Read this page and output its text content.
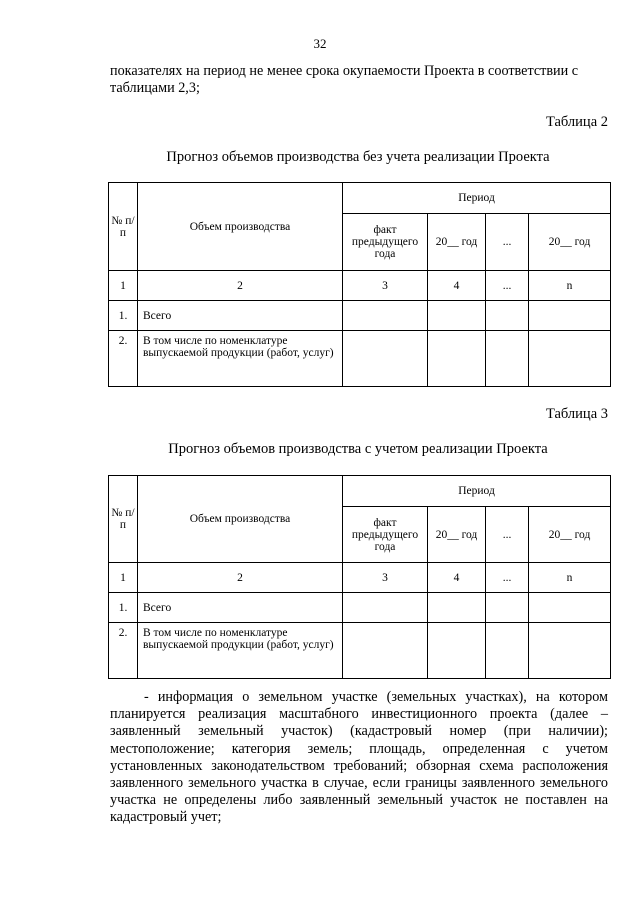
32
показателях на период не менее срока окупаемости Проекта в соответствии с таблицами 2,3;
Таблица 2
Прогноз объемов производства без учета реализации Проекта
№ п/п	Объем производства	Период			
		факт предыдущего года	20__ год	...	20__ год
1	2	3	4	...	n
1.	Всего				
2.	В том числе по номенклатуре выпускаемой продукции (работ, услуг)				
Таблица 3
Прогноз объемов производства с учетом реализации Проекта
№ п/п	Объем производства	Период			
		факт предыдущего года	20__ год	...	20__ год
1	2	3	4	...	n
1.	Всего				
2.	В том числе по номенклатуре выпускаемой продукции (работ, услуг)				
- информация о земельном участке (земельных участках), на котором планируется реализация масштабного инвестиционного проекта (далее – заявленный земельный участок) (кадастровый номер (при наличии); местоположение; категория земель; площадь, определенная с учетом установленных законодательством требований; обзорная схема расположения заявленного земельного участка в случае, если границы заявленного земельного участка не определены либо заявленный земельный участок не поставлен на кадастровый учет;
